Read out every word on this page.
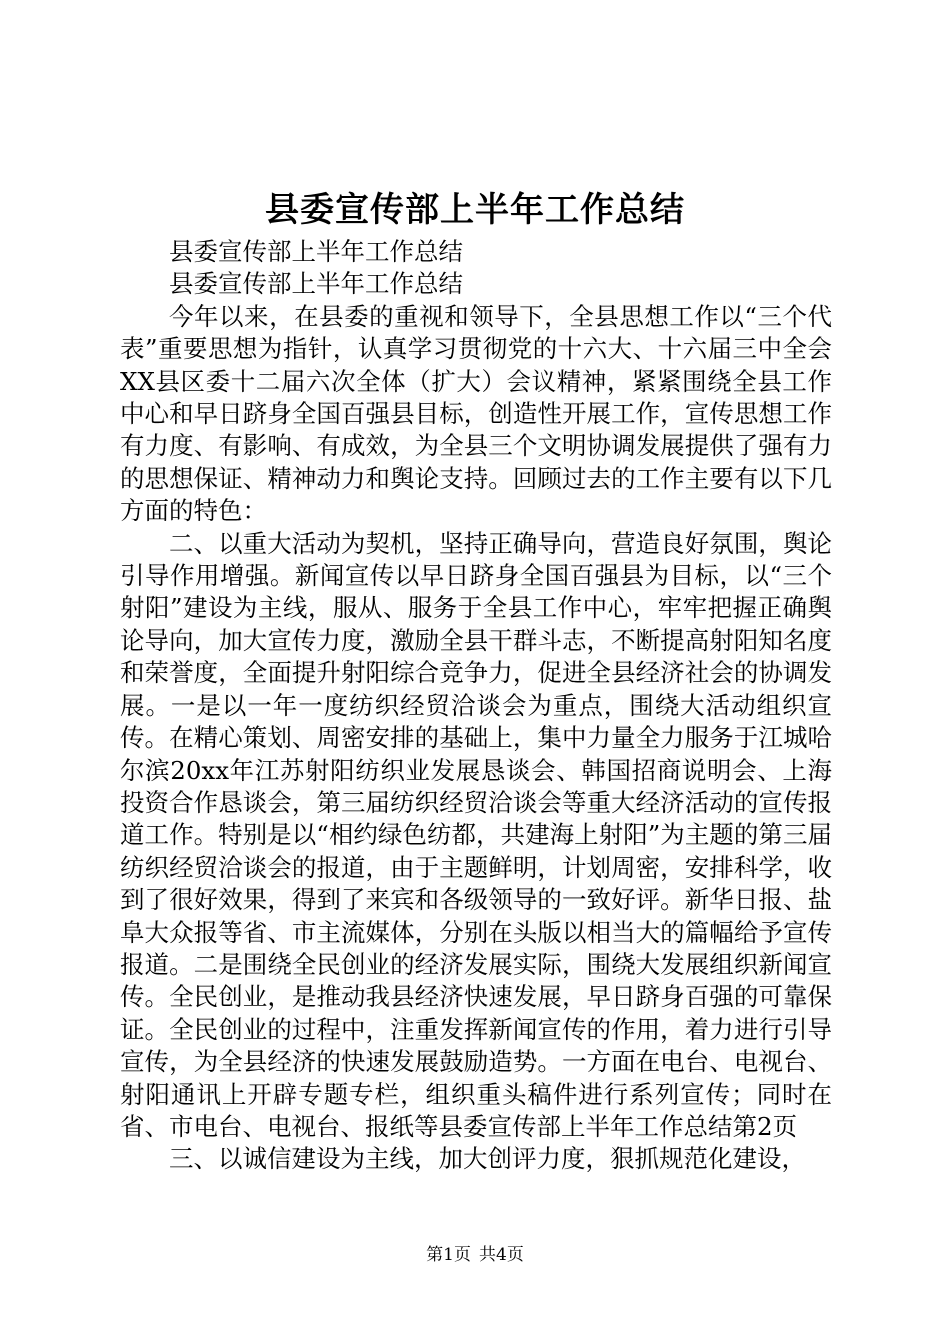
县委宣传部上半年工作总结

县委宣传部上半年工作总结

县委宣传部上半年工作总结

今年以来，在县委的重视和领导下，全县思想工作以“三个代表”重要思想为指针，认真学习贯彻党的十六大、十六届三中全会XX县区委十二届六次全体（扩大）会议精神，紧紧围绕全县工作中心和早日跻身全国百强县目标，创造性开展工作，宣传思想工作有力度、有影响、有成效，为全县三个文明协调发展提供了强有力的思想保证、精神动力和舆论支持。回顾过去的工作主要有以下几方面的特色：

二、以重大活动为契机，坚持正确导向，营造良好氛围，舆论引导作用增强。新闻宣传以早日跻身全国百强县为目标，以“三个射阳”建设为主线，服从、服务于全县工作中心，牢牢把握正确舆论导向，加大宣传力度，激励全县干群斗志，不断提高射阳知名度和荣誉度，全面提升射阳综合竞争力，促进全县经济社会的协调发展。一是以一年一度纺织经贸洽谈会为重点，围绕大活动组织宣传。在精心策划、周密安排的基础上，集中力量全力服务于江城哈尔滨20xx年江苏射阳纺织业发展恳谈会、韩国招商说明会、上海投资合作恳谈会，第三届纺织经贸洽谈会等重大经济活动的宣传报道工作。特别是以“相约绿色纺都，共建海上射阳”为主题的第三届纺织经贸洽谈会的报道，由于主题鲜明，计划周密，安排科学，收到了很好效果，得到了来宾和各级领导的一致好评。新华日报、盐阜大众报等省、市主流媒体，分别在头版以相当大的篇幅给予宣传报道。二是围绕全民创业的经济发展实际，围绕大发展组织新闻宣传。全民创业，是推动我县经济快速发展，早日跻身百强的可靠保证。全民创业的过程中，注重发挥新闻宣传的作用，着力进行引导宣传，为全县经济的快速发展鼓励造势。一方面在电台、电视台、射阳通讯上开辟专题专栏，组织重头稿件进行系列宣传；同时在省、市电台、电视台、报纸等县委宣传部上半年工作总结第2页

三、以诚信建设为主线，加大创评力度，狠抓规范化建设，

第1页 共4页
